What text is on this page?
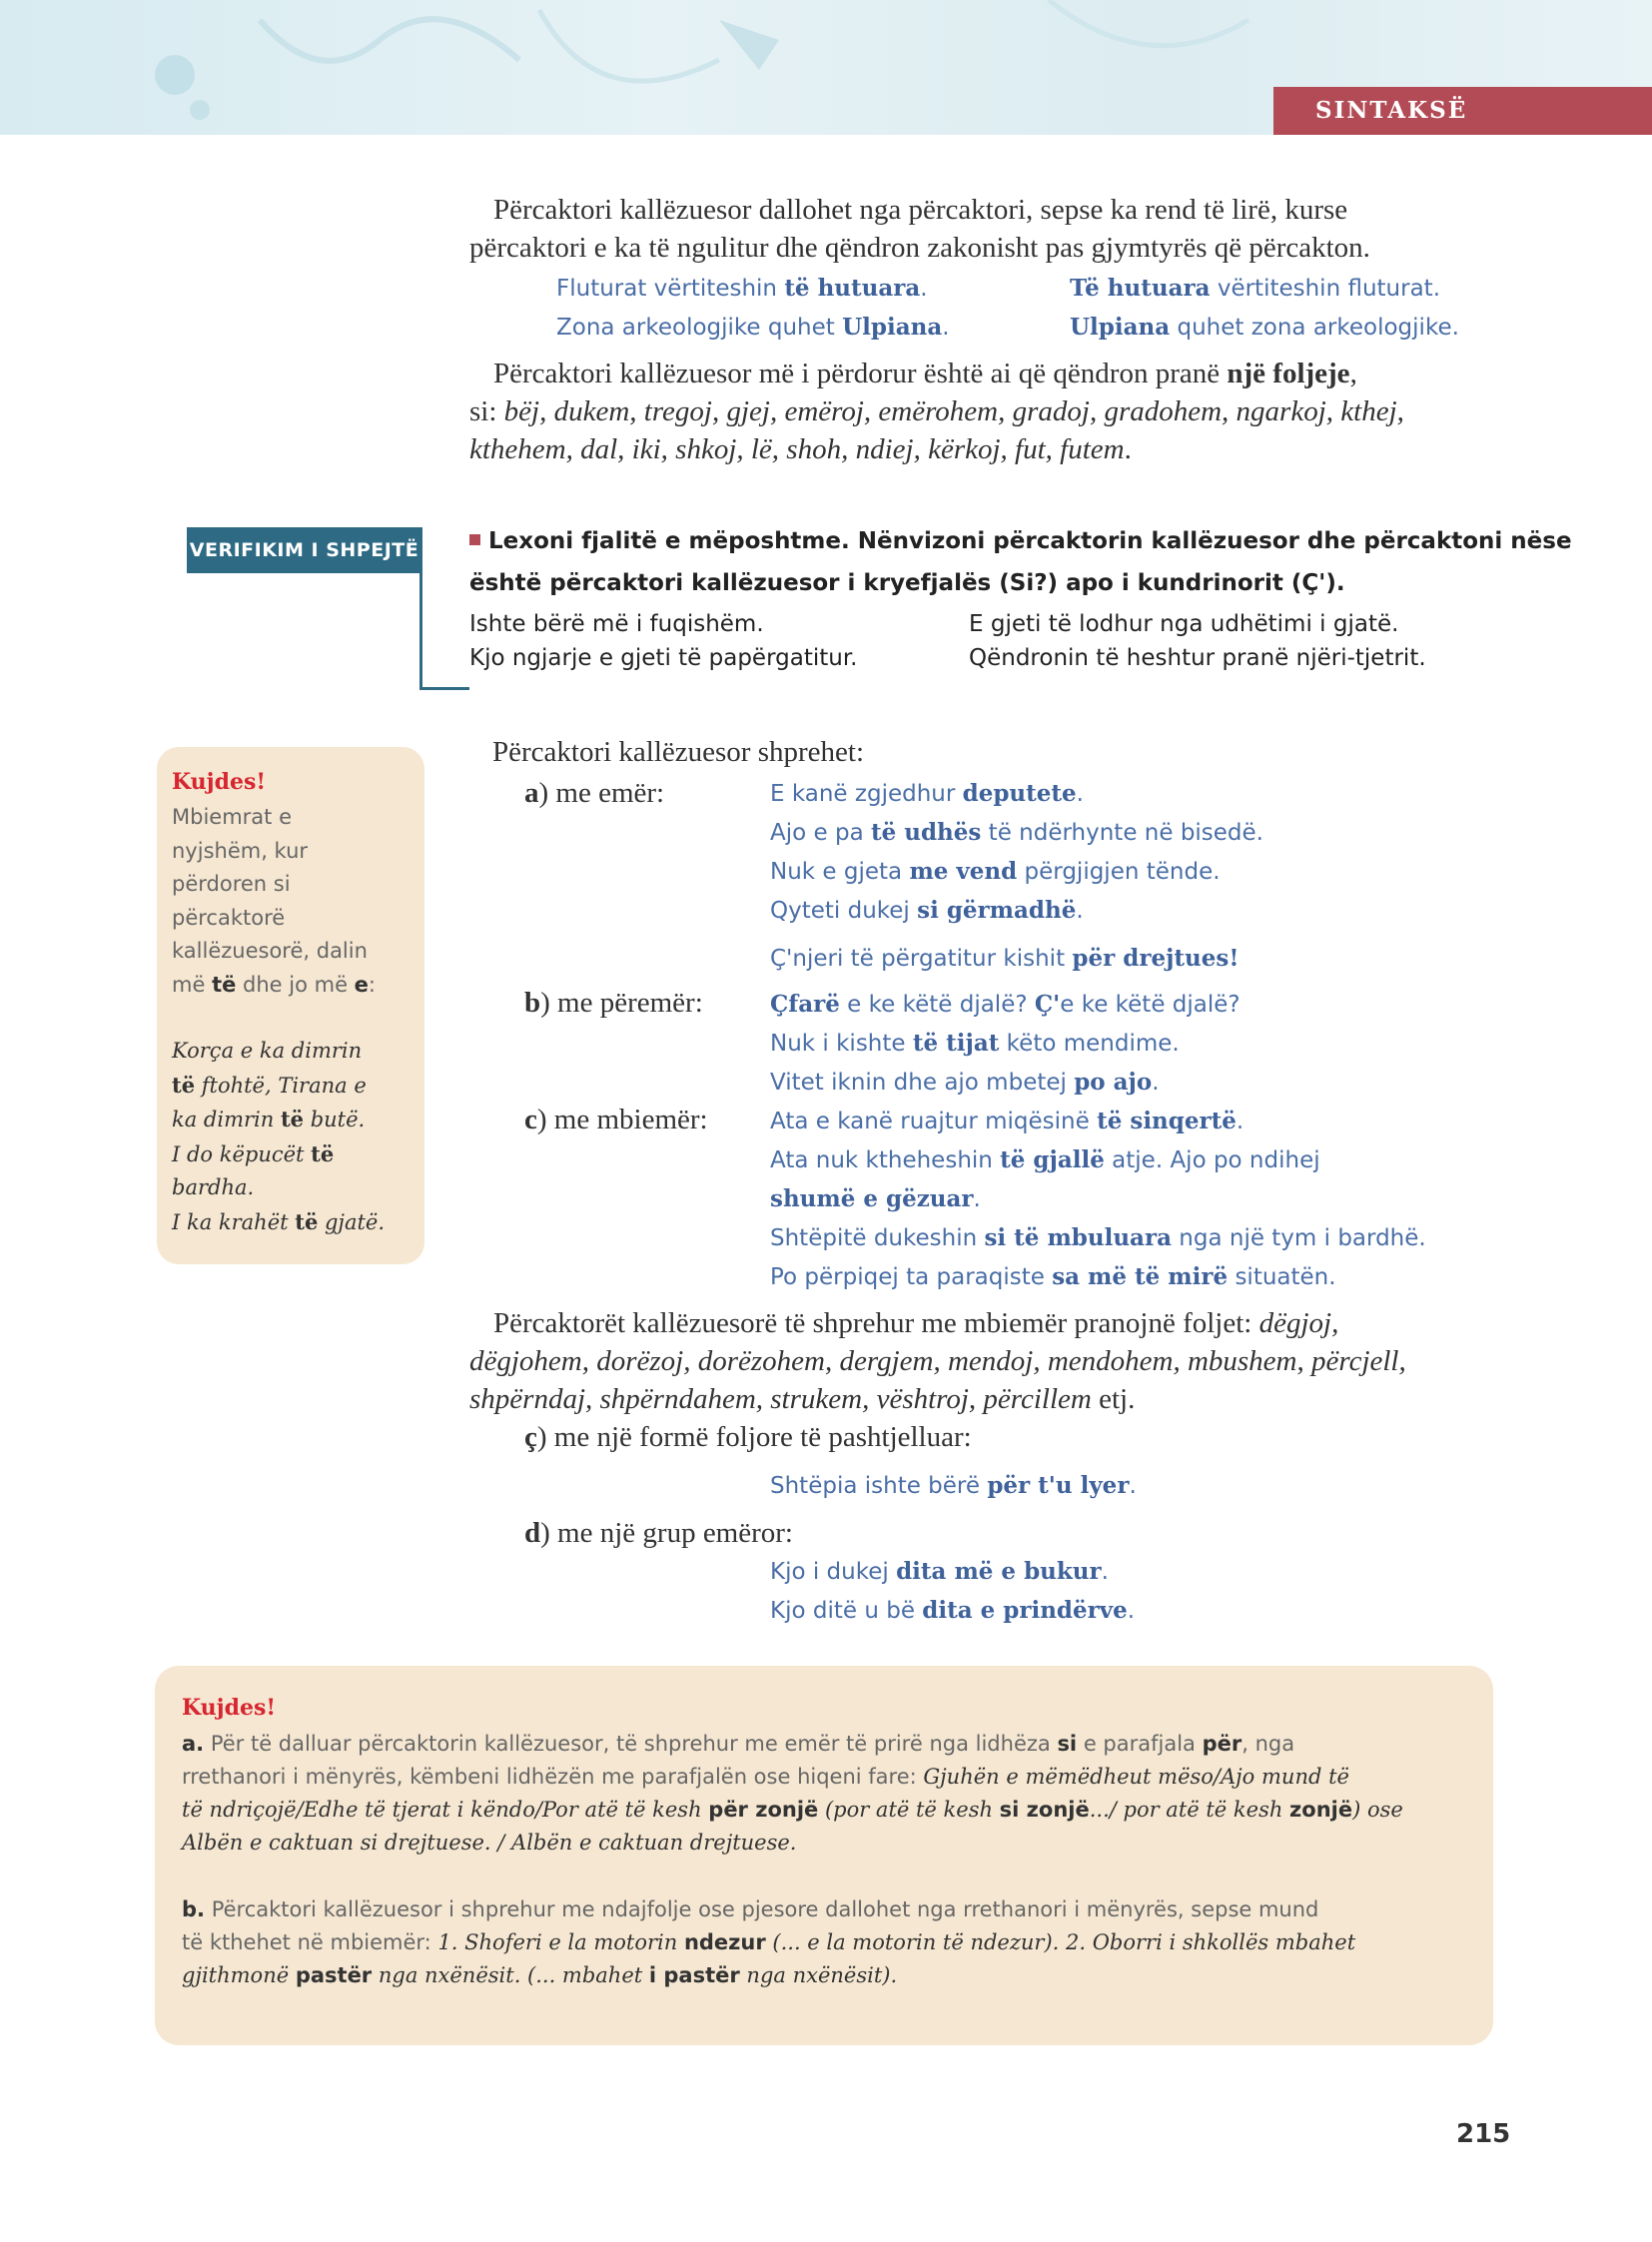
SINTAKSË
Përcaktori kallëzuesor dallohet nga përcaktori, sepse ka rend të lirë, kurse
përcaktori e ka të ngulitur dhe qëndron zakonisht pas gjymtyrës që përcakton.
Fluturat vërtiteshin të hutuara.	Të hutuara vërtiteshin fluturat.
Zona arkeologjike quhet Ulpiana.	Ulpiana quhet zona arkeologjike.
Përcaktori kallëzuesor më i përdorur është ai që qëndron pranë një foljeje,
si: bëj, dukem, tregoj, gjej, emëroj, emërohem, gradoj, gradohem, ngarkoj, kthej,
kthehem, dal, iki, shkoj, lë, shoh, ndiej, kërkoj, fut, futem.
VERIFIKIM I SHPEJTË	Lexoni fjalitë e mëposhtme. Nënvizoni përcaktorin kallëzuesor dhe përcaktoni nëse
është përcaktori kallëzuesor i kryefjalës (Si?) apo i kundrinorit (Ç').
Ishte bërë më i fuqishëm.	E gjeti të lodhur nga udhëtimi i gjatë.
Kjo ngjarje e gjeti të papërgatitur.	Qëndronin të heshtur pranë njëri-tjetrit.
Kujdes!
Mbiemrat e
nyjshëm, kur
përdoren si
përcaktorë
kallëzuesorë, dalin
më të dhe jo më e:
Korça e ka dimrin
të ftohtë, Tirana e
ka dimrin të butë.
I do këpucët të
bardha.
I ka krahët të gjatë.
Përcaktori kallëzuesor shprehet:
a) me emër:	E kanë zgjedhur deputete.
Ajo e pa të udhës të ndërhynte në bisedë.
Nuk e gjeta me vend përgjigjen tënde.
Qyteti dukej si gërmadhë.
Ç'njeri të përgatitur kishit për drejtues!
b) me përemër:	Çfarë e ke këtë djalë? Ç'e ke këtë djalë?
Nuk i kishte të tijat këto mendime.
Vitet iknin dhe ajo mbetej po ajo.
c) me mbiemër:	Ata e kanë ruajtur miqësinë të sinqertë.
Ata nuk ktheheshin të gjallë atje. Ajo po ndihej
shumë e gëzuar.
Shtëpitë dukeshin si të mbuluara nga një tym i bardhë.
Po përpiqej ta paraqiste sa më të mirë situatën.
Përcaktorët kallëzuesorë të shprehur me mbiemër pranojnë foljet: dëgjoj,
dëgjohem, dorëzoj, dorëzohem, dergjem, mendoj, mendohem, mbushem, përcjell,
shpërndaj, shpërndahem, strukem, vështroj, përcillem etj.
ç) me një formë foljore të pashtjelluar:
Shtëpia ishte bërë për t'u lyer.
d) me një grup emëror:
Kjo i dukej dita më e bukur.
Kjo ditë u bë dita e prindërve.
Kujdes!
a. Për të dalluar përcaktorin kallëzuesor, të shprehur me emër të prirë nga lidhëza si e parafjala për, nga
rrethanori i mënyrës, këmbeni lidhëzën me parafjalën ose hiqeni fare: Gjuhën e mëmëdheut mëso/Ajo mund të
të ndriçojë/Edhe të tjerat i këndo/Por atë të kesh për zonjë (por atë të kesh si zonjë.../ por atë të kesh zonjë) ose
Albën e caktuan si drejtuese. / Albën e caktuan drejtuese.
b. Përcaktori kallëzuesor i shprehur me ndajfolje ose pjesore dallohet nga rrethanori i mënyrës, sepse mund
të kthehet në mbiemër: 1. Shoferi e la motorin ndezur (... e la motorin të ndezur). 2. Oborri i shkollës mbahet
gjithmonë pastër nga nxënësit. (... mbahet i pastër nga nxënësit).
215
